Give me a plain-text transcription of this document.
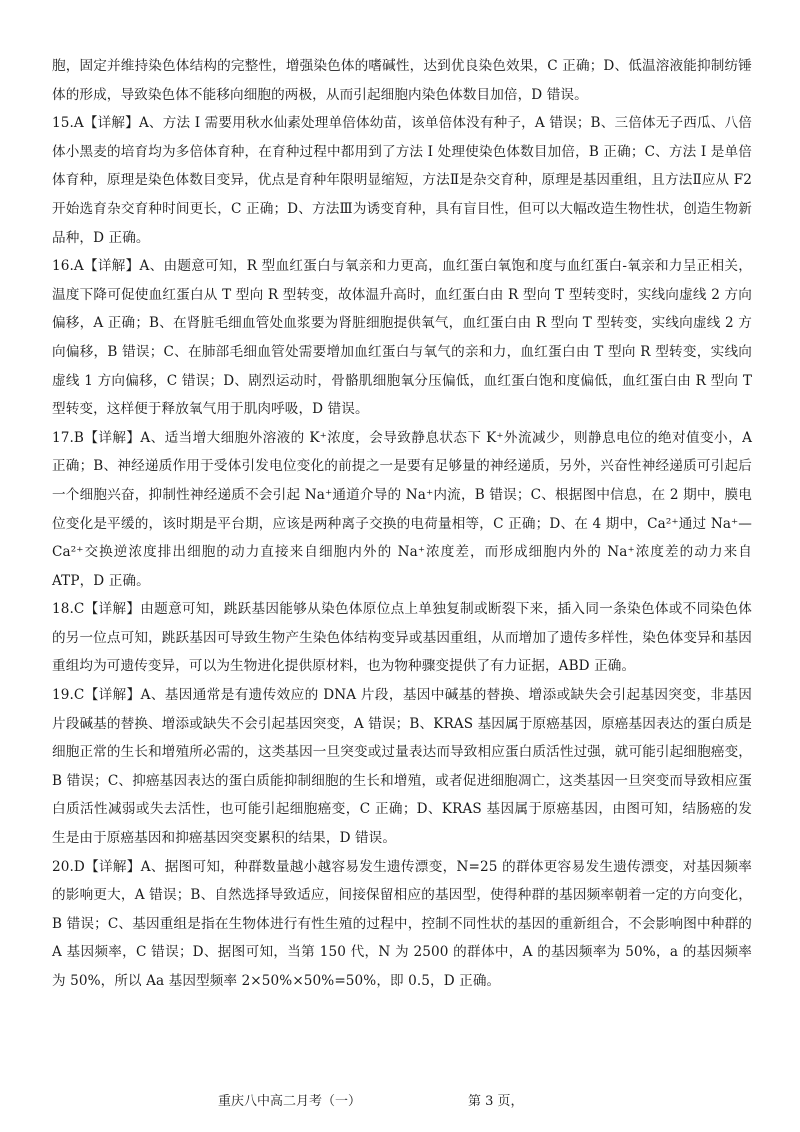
胞，固定并维持染色体结构的完整性，增强染色体的嗜碱性，达到优良染色效果，C 正确；D、低温溶液能抑制纺锤体的形成，导致染色体不能移向细胞的两极，从而引起细胞内染色体数目加倍，D 错误。

15.A【详解】A、方法 I 需要用秋水仙素处理单倍体幼苗，该单倍体没有种子，A 错误；B、三倍体无子西瓜、八倍体小黑麦的培育均为多倍体育种，在育种过程中都用到了方法 I 处理使染色体数目加倍，B 正确；C、方法 I 是单倍体育种，原理是染色体数目变异，优点是育种年限明显缩短，方法Ⅱ是杂交育种，原理是基因重组，且方法Ⅱ应从 F2 开始选育杂交育种时间更长，C 正确；D、方法Ⅲ为诱变育种，具有盲目性，但可以大幅改造生物性状，创造生物新品种，D 正确。

16.A【详解】A、由题意可知，R 型血红蛋白与氧亲和力更高，血红蛋白氧饱和度与血红蛋白-氧亲和力呈正相关，温度下降可促使血红蛋白从 T 型向 R 型转变，故体温升高时，血红蛋白由 R 型向 T 型转变时，实线向虚线 2 方向偏移，A 正确；B、在肾脏毛细血管处血浆要为肾脏细胞提供氧气，血红蛋白由 R 型向 T 型转变，实线向虚线 2 方向偏移，B 错误；C、在肺部毛细血管处需要增加血红蛋白与氧气的亲和力，血红蛋白由 T 型向 R 型转变，实线向虚线 1 方向偏移，C 错误；D、剧烈运动时，骨骼肌细胞氧分压偏低，血红蛋白饱和度偏低，血红蛋白由 R 型向 T 型转变，这样便于释放氧气用于肌肉呼吸，D 错误。

17.B【详解】A、适当增大细胞外溶液的 K⁺浓度，会导致静息状态下 K⁺外流减少，则静息电位的绝对值变小，A 正确；B、神经递质作用于受体引发电位变化的前提之一是要有足够量的神经递质，另外，兴奋性神经递质可引起后一个细胞兴奋，抑制性神经递质不会引起 Na⁺通道介导的 Na⁺内流，B 错误；C、根据图中信息，在 2 期中，膜电位变化是平缓的，该时期是平台期，应该是两种离子交换的电荷量相等，C 正确；D、在 4 期中，Ca²⁺通过 Na⁺—Ca²⁺交换逆浓度排出细胞的动力直接来自细胞内外的 Na⁺浓度差，而形成细胞内外的 Na⁺浓度差的动力来自 ATP，D 正确。

18.C【详解】由题意可知，跳跃基因能够从染色体原位点上单独复制或断裂下来，插入同一条染色体或不同染色体的另一位点可知，跳跃基因可导致生物产生染色体结构变异或基因重组，从而增加了遗传多样性，染色体变异和基因重组均为可遗传变异，可以为生物进化提供原材料，也为物种骤变提供了有力证据，ABD 正确。

19.C【详解】A、基因通常是有遗传效应的 DNA 片段，基因中碱基的替换、增添或缺失会引起基因突变，非基因片段碱基的替换、增添或缺失不会引起基因突变，A 错误；B、KRAS 基因属于原癌基因，原癌基因表达的蛋白质是细胞正常的生长和增殖所必需的，这类基因一旦突变或过量表达而导致相应蛋白质活性过强，就可能引起细胞癌变，B 错误；C、抑癌基因表达的蛋白质能抑制细胞的生长和增殖，或者促进细胞凋亡，这类基因一旦突变而导致相应蛋白质活性减弱或失去活性，也可能引起细胞癌变，C 正确；D、KRAS 基因属于原癌基因，由图可知，结肠癌的发生是由于原癌基因和抑癌基因突变累积的结果，D 错误。

20.D【详解】A、据图可知，种群数量越小越容易发生遗传漂变，N=25 的群体更容易发生遗传漂变，对基因频率的影响更大，A 错误；B、自然选择导致适应，间接保留相应的基因型，使得种群的基因频率朝着一定的方向变化，B 错误；C、基因重组是指在生物体进行有性生殖的过程中，控制不同性状的基因的重新组合，不会影响图中种群的 A 基因频率，C 错误；D、据图可知，当第 150 代，N 为 2500 的群体中，A 的基因频率为 50%，a 的基因频率为 50%，所以 Aa 基因型频率 2×50%×50%=50%，即 0.5，D 正确。

重庆八中高二月考（一）	第 3 页，
